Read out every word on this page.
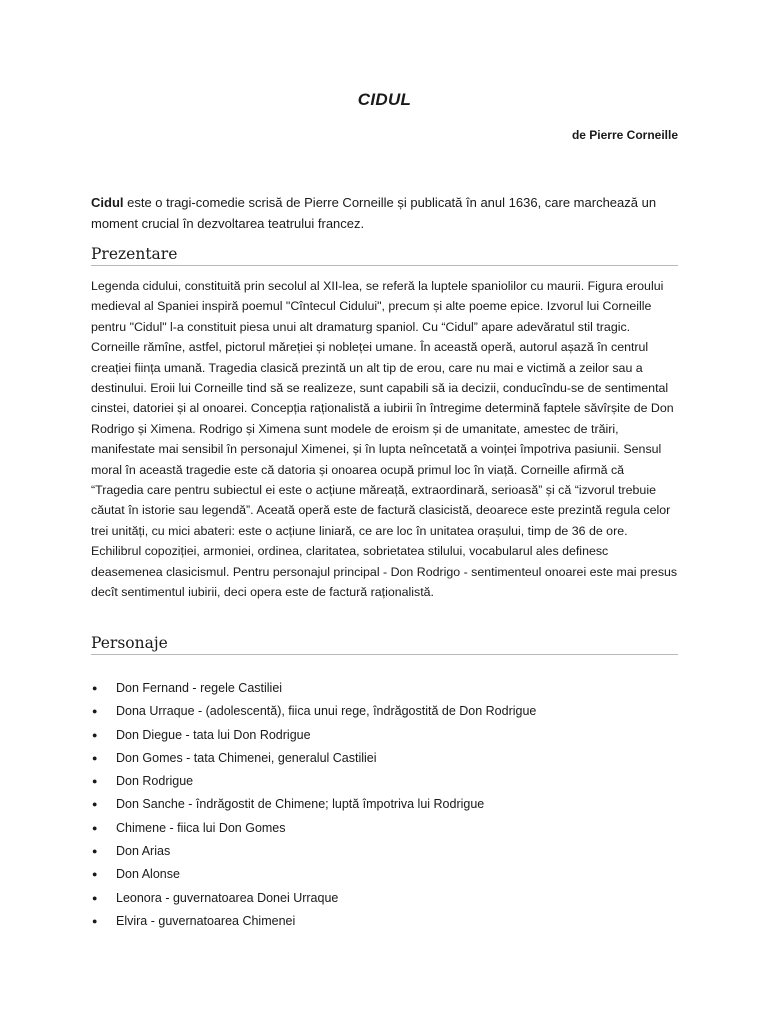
CIDUL
de Pierre Corneille

Cidul este o tragi-comedie scrisă de Pierre Corneille și publicată în anul 1636, care marchează un moment crucial în dezvoltarea teatrului francez.

Prezentare

Legenda cidului, constituită prin secolul al XII-lea, se referă la luptele spaniolilor cu maurii. Figura eroului medieval al Spaniei inspiră poemul "Cîntecul Cidului", precum și alte poeme epice. Izvorul lui Corneille pentru "Cidul" l-a constituit piesa unui alt dramaturg spaniol. Cu “Cidul” apare adevăratul stil tragic. Corneille rămîne, astfel, pictorul măreției și nobleței umane. În această operă, autorul așază în centrul creației ființa umană. Tragedia clasică prezintă un alt tip de erou, care nu mai e victimă a zeilor sau a destinului. Eroii lui Corneille tind să se realizeze, sunt capabili să ia decizii, conducîndu-se de sentimental cinstei, datoriei și al onoarei. Concepția raționalistă a iubirii în întregime determină faptele săvîrșite de Don Rodrigo și Ximena. Rodrigo și Ximena sunt modele de eroism și de umanitate, amestec de trăiri, manifestate mai sensibil în personajul Ximenei, și în lupta neîncetată a voinței împotriva pasiunii. Sensul moral în această tragedie este că datoria și onoarea ocupă primul loc în viață. Corneille afirmă că “Tragedia care pentru subiectul ei este o acțiune măreață, extraordinară, serioasă” și că “izvorul trebuie căutat în istorie sau legendă”. Aceată operă este de factură clasicistă, deoarece este prezintă regula celor trei unități, cu mici abateri: este o acțiune liniară, ce are loc în unitatea orașului, timp de 36 de ore. Echilibrul copoziției, armoniei, ordinea, claritatea, sobrietatea stilului, vocabularul ales definesc deasemenea clasicismul. Pentru personajul principal - Don Rodrigo - sentimenteul onoarei este mai presus decît sentimentul iubirii, deci opera este de factură raționalistă.

Personaje
● Don Fernand - regele Castiliei
● Dona Urraque - (adolescentă), fiica unui rege, îndrăgostită de Don Rodrigue
● Don Diegue - tata lui Don Rodrigue
● Don Gomes - tata Chimenei, generalul Castiliei
● Don Rodrigue
● Don Sanche - îndrăgostit de Chimene; luptă împotriva lui Rodrigue
● Chimene - fiica lui Don Gomes
● Don Arias
● Don Alonse
● Leonora - guvernatoarea Donei Urraque
● Elvira - guvernatoarea Chimenei
